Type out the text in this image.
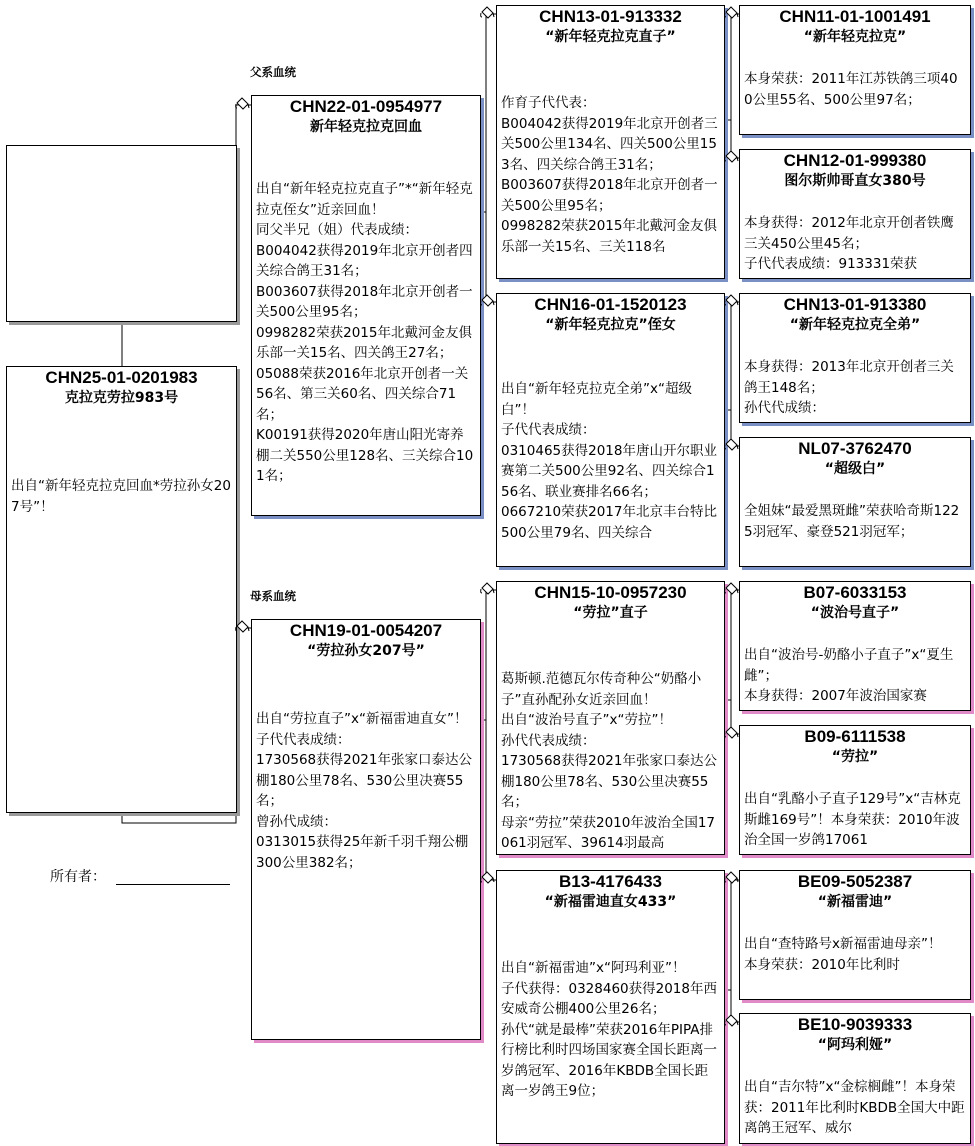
父系血统
母系血统
CHN25-01-0201983
克拉克劳拉983号
出自“新年轻克拉克回血*劳拉孙女207号”！
所有者：
CHN22-01-0954977
新年轻克拉克回血
出自“新年轻克拉克直子”*“新年轻克拉克侄女”近亲回血！
同父半兄（姐）代表成绩：
B004042获得2019年北京开创者四关综合鸽王31名；
B003607获得2018年北京开创者一关500公里95名；
0998282荣获2015年北戴河金友俱乐部一关15名、四关鸽王27名；
05088荣获2016年北京开创者一关56名、第三关60名、四关综合71名；
K00191获得2020年唐山阳光寄养棚二关550公里128名、三关综合101名；
CHN19-01-0054207
“劳拉孙女207号”
出自“劳拉直子”x“新福雷迪直女”！
子代代表成绩：
1730568获得2021年张家口泰达公棚180公里78名、530公里决赛55名；
曾孙代成绩：
0313015获得25年新千羽千翔公棚300公里382名；
CHN13-01-913332
“新年轻克拉克直子”
作育子代代表：
B004042获得2019年北京开创者三关500公里134名、四关500公里153名、四关综合鸽王31名；
B003607获得2018年北京开创者一关500公里95名；
0998282荣获2015年北戴河金友俱乐部一关15名、三关118名
CHN16-01-1520123
“新年轻克拉克”侄女
出自“新年轻克拉克全弟”x“超级白”！
子代代表成绩：
0310465获得2018年唐山开尔职业赛第二关500公里92名、四关综合156名、联业赛排名66名；
0667210荣获2017年北京丰台特比500公里79名、四关综合
CHN15-10-0957230
“劳拉”直子
葛斯顿.范德瓦尔传奇种公“奶酪小子”直孙配孙女近亲回血！
出自“波治号直子”x“劳拉”！
孙代代表成绩：
1730568获得2021年张家口泰达公棚180公里78名、530公里决赛55名；
母亲“劳拉”荣获2010年波治全国17061羽冠军、39614羽最高
B13-4176433
“新福雷迪直女433”
出自“新福雷迪”x“阿玛利亚”！
子代获得：0328460获得2018年西安威奇公棚400公里26名；
孙代“就是最棒”荣获2016年PIPA排行榜比利时四场国家赛全国长距离一岁鸽冠军、2016年KBDB全国长距离一岁鸽王9位；
CHN11-01-1001491
“新年轻克拉克”
本身荣获：2011年江苏铁鸽三项400公里55名、500公里97名；
CHN12-01-999380
图尔斯帅哥直女380号
本身获得：2012年北京开创者铁鹰三关450公里45名；
子代代表成绩：913331荣获
CHN13-01-913380
“新年轻克拉克全弟”
本身获得：2013年北京开创者三关鸽王148名；
孙代代成绩：
NL07-3762470
“超级白”
全姐妹“最爱黑斑雌”荣获哈奇斯1225羽冠军、豪登521羽冠军；
B07-6033153
“波治号直子”
出自“波治号-奶酪小子直子”x“夏生雌”；
本身获得：2007年波治国家赛
B09-6111538
“劳拉”
出自“乳酪小子直子129号”x“吉林克斯雌169号”！本身荣获：2010年波治全国一岁鸽17061
BE09-5052387
“新福雷迪”
出自“查特路号x新福雷迪母亲”！
本身荣获：2010年比利时
BE10-9039333
“阿玛利娅”
出自“吉尔特”x“金棕榈雌”！本身荣获：2011年比利时KBDB全国大中距离鸽王冠军、威尔
